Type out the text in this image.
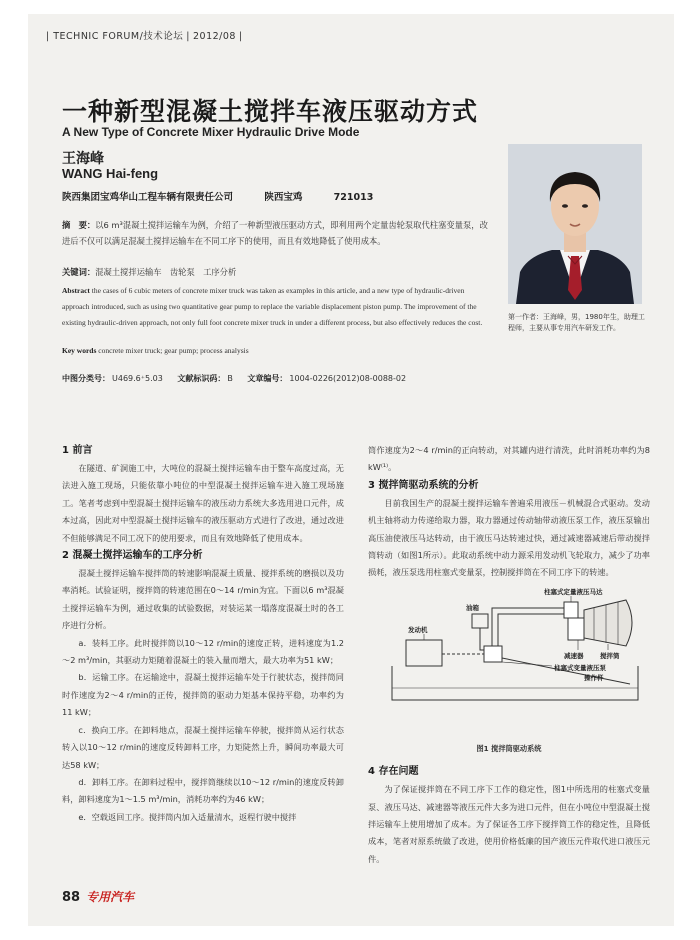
| TECHNIC FORUM/技术论坛 | 2012/08 |
一种新型混凝土搅拌车液压驱动方式
A New Type of Concrete Mixer Hydraulic Drive Mode
王海峰
WANG Hai-feng
陕西集团宝鸡华山工程车辆有限责任公司	陕西宝鸡	721013
摘　要：以6 m³混凝土搅拌运输车为例，介绍了一种新型液压驱动方式，即利用两个定量齿轮泵取代柱塞变量泵，改进后不仅可以满足混凝土搅拌运输车在不同工序下的使用，而且有效地降低了使用成本。
关键词：混凝土搅拌运输车　齿轮泵　工序分析
Abstract the cases of 6 cubic meters of concrete mixer truck was taken as examples in this article, and a new type of hydraulic-driven approach introduced, such as using two quantitative gear pump to replace the variable displacement piston pump. The improvement of the existing hydraulic-driven approach, not only full foot concrete mixer truck in under a different process, but also effectively reduces the cost.
Key words concrete mixer truck; gear pump; process analysis
中图分类号： U469.6⁺5.03 文献标识码： B 文章编号： 1004-0226(2012)08-0088-02
第一作者：王海峰，男，1980年生，助理工程师，主要从事专用汽车研发工作。

1 前言

在隧道、矿洞施工中，大吨位的混凝土搅拌运输车由于整车高度过高，无法进入施工现场，只能依靠小吨位的中型混凝土搅拌运输车进入施工现场施工。笔者考虑到中型混凝土搅拌运输车的液压动力系统大多选用进口元件，成本过高，因此对中型混凝土搅拌运输车的液压驱动方式进行了改进，通过改进不但能够满足不同工况下的使用要求，而且有效地降低了使用成本。

2 混凝土搅拌运输车的工序分析

混凝土搅拌运输车搅拌筒的转速影响混凝土质量、搅拌系统的磨损以及功率消耗。试验证明，搅拌筒的转速范围在0～14 r/min为宜。下面以6 m³混凝土搅拌运输车为例，通过收集的试验数据，对装运某一塌落度混凝土时的各工序进行分析。

a．装料工序。此时搅拌筒以10～12 r/min的速度正转，进料速度为1.2～2 m³/min，其驱动力矩随着混凝土的装入量而增大，最大功率为51 kW；

b．运输工序。在运输途中，混凝土搅拌运输车处于行驶状态，搅拌筒同时作速度为2～4 r/min的正传，搅拌筒的驱动力矩基本保持平稳，功率约为11 kW；

c．换向工序。在卸料地点，混凝土搅拌运输车停驶，搅拌筒从运行状态转入以10～12 r/min的速度反转卸料工序，力矩陡然上升，瞬间功率最大可达58 kW；

d．卸料工序。在卸料过程中，搅拌筒继续以10～12 r/min的速度反转卸料，卸料速度为1～1.5 m³/min，消耗功率约为46 kW；

e．空载返回工序。搅拌筒内加入适量清水，返程行驶中搅拌

筒作速度为2～4 r/min的正向转动，对其罐内进行清洗，此时消耗功率约为8 kW⁽¹⁾。

3 搅拌筒驱动系统的分析

目前我国生产的混凝土搅拌运输车普遍采用液压－机械混合式驱动。发动机主轴将动力传递给取力器，取力器通过传动轴带动液压泵工作，液压泵输出高压油使液压马达转动，由于液压马达转速过快，通过减速器减速后带动搅拌筒转动（如图1所示）。此取动系统中动力源采用发动机飞轮取力，减少了功率损耗，液压泵选用柱塞式变量泵，控制搅拌筒在不同工序下的转速。

柱塞式定量液压马达
油箱
发动机
减速器	搅拌筒
柱塞式变量液压泵
操作杆
图1 搅拌筒驱动系统

4 存在问题

为了保证搅拌筒在不同工序下工作的稳定性，图1中所选用的柱塞式变量泵、液压马达、减速器等液压元件大多为进口元件，但在小吨位中型混凝土搅拌运输车上使用增加了成本。为了保证各工序下搅拌筒工作的稳定性，且降低成本，笔者对原系统做了改进，使用价格低廉的国产液压元件取代进口液压元件。

88 专用汽车
